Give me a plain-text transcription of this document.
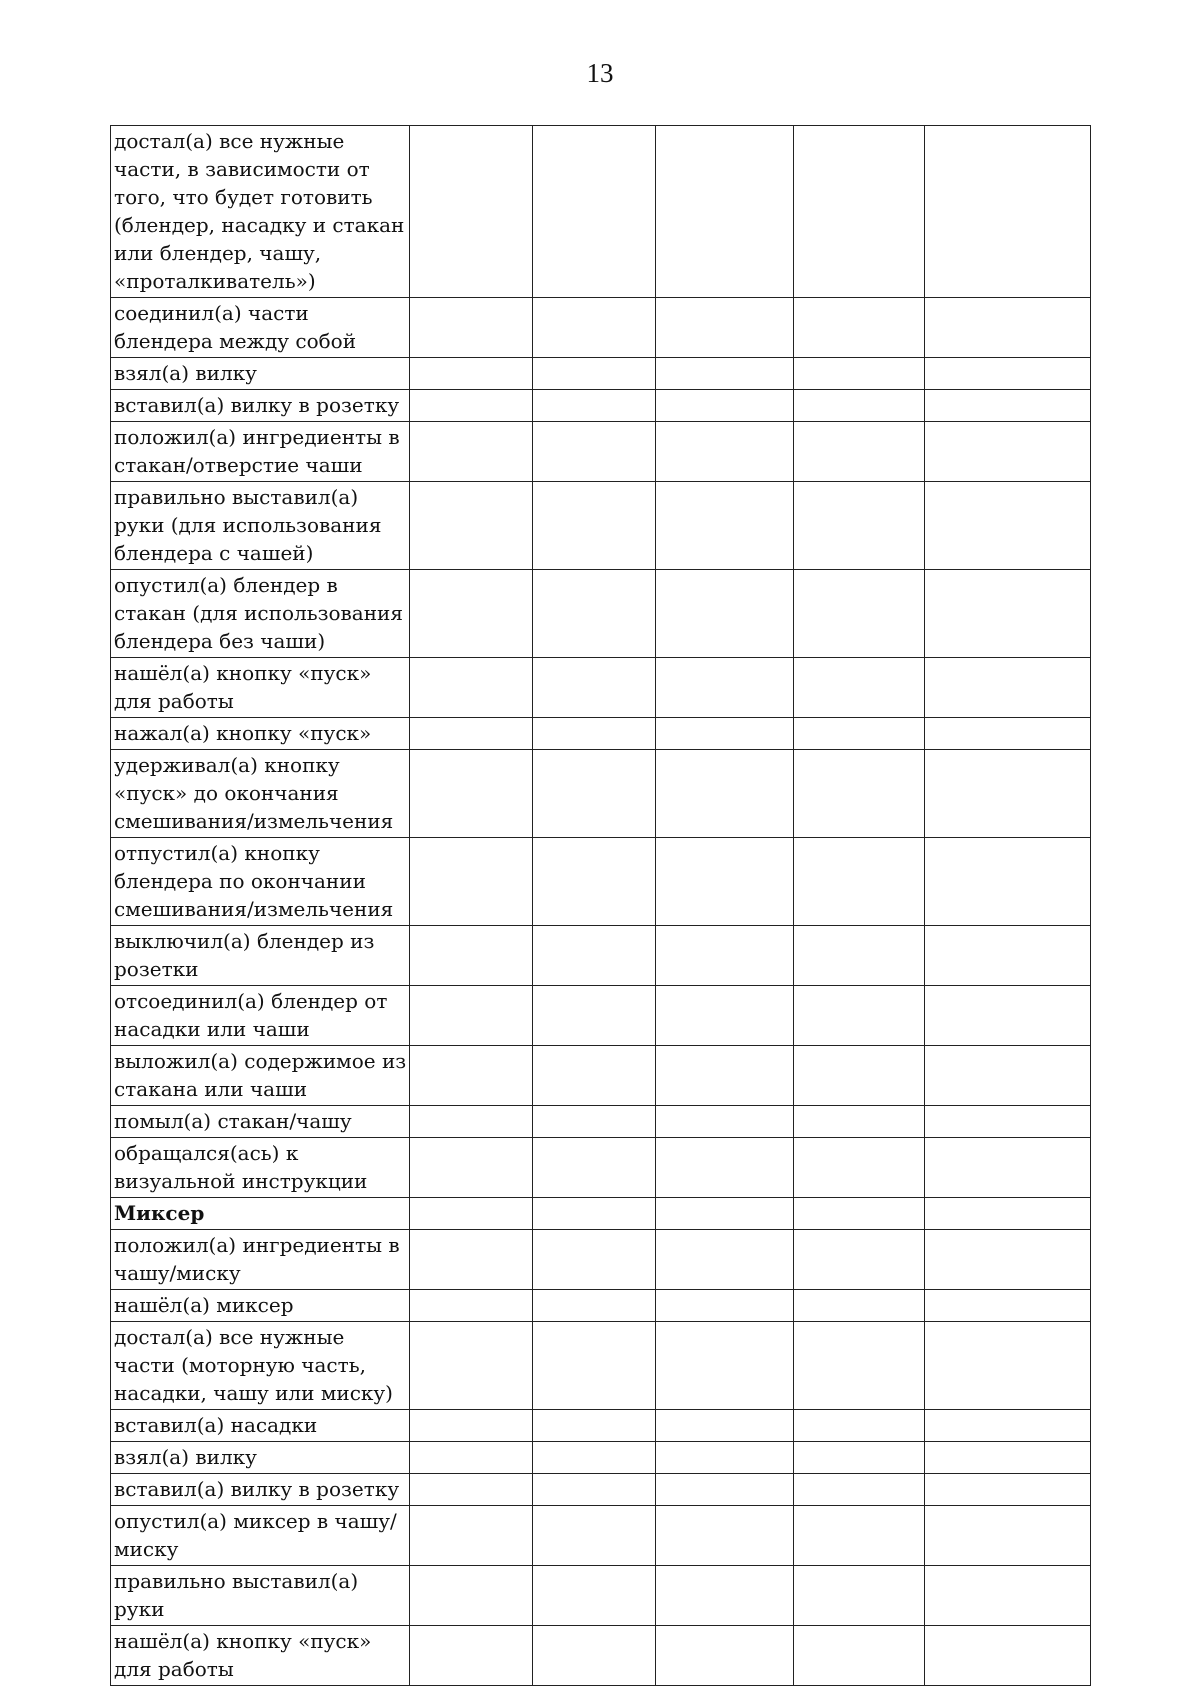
13
достал(а) все нужные части, в зависимости от того, что будет готовить (блендер, насадку и стакан или блендер, чашу, «проталкиватель»)					
соединил(а) части блендера между собой					
взял(а) вилку					
вставил(а) вилку в розетку					
положил(а) ингредиенты в стакан/отверстие чаши					
правильно выставил(а) руки (для использования блендера с чашей)					
опустил(а) блендер в стакан (для использования блендера без чаши)					
нашёл(а) кнопку «пуск» для работы					
нажал(а) кнопку «пуск»					
удерживал(а) кнопку «пуск» до окончания смешивания/измельчения					
отпустил(а) кнопку блендера по окончании смешивания/измельчения					
выключил(а) блендер из розетки					
отсоединил(а) блендер от насадки или чаши					
выложил(а) содержимое из стакана или чаши					
помыл(а) стакан/чашу					
обращался(ась) к визуальной инструкции					
Миксер					
положил(а) ингредиенты в чашу/миску					
нашёл(а) миксер					
достал(а) все нужные части (моторную часть, насадки, чашу или миску)					
вставил(а) насадки					
взял(а) вилку					
вставил(а) вилку в розетку					
опустил(а) миксер в чашу/миску					
правильно выставил(а) руки					
нашёл(а) кнопку «пуск» для работы					
